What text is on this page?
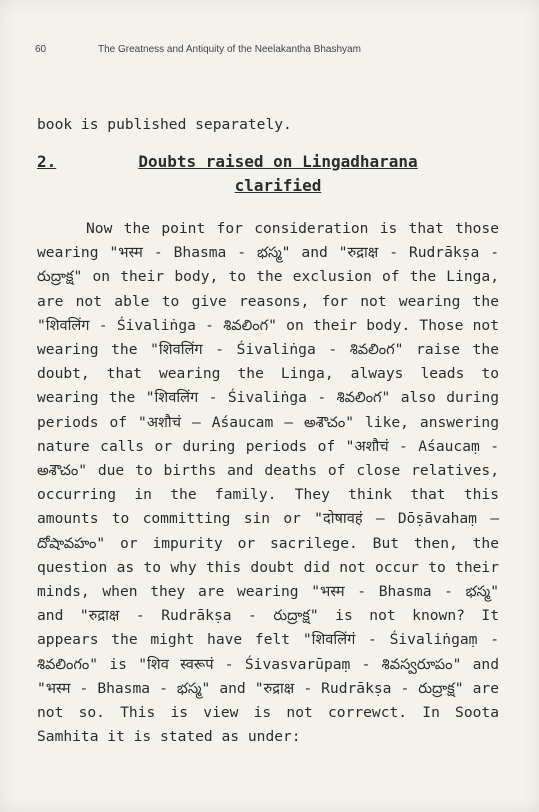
60	The Greatness and Antiquity of the Neelakantha Bhashyam
book is published separately.
2.	Doubts raised on Lingadharana clarified

Now the point for consideration is that those wearing "भस्म - Bhasma - భస్మ" and "रुद्राक्ष - Rudrākṣa - రుద్రాక్ష" on their body, to the exclusion of the Linga, are not able to give reasons, for not wearing the "शिवलिंग - Śivaliṅga - శివలింగ" on their body. Those not wearing the "शिवलिंग - Śivaliṅga - శివలింగ" raise the doubt, that wearing the Linga, always leads to wearing the "शिवलिंग - Śivaliṅga - శివలింగ" also during periods of "अशौचं – Aśaucam – అశౌచం" like, answering nature calls or during periods of "अशौचं - Aśaucaṃ - అశౌచం" due to births and deaths of close relatives, occurring in the family. They think that this amounts to committing sin or "दोषावहं – Dōṣāvahaṃ – దోషావహం" or impurity or sacrilege. But then, the question as to why this doubt did not occur to their minds, when they are wearing "भस्म - Bhasma - భస్మ" and "रुद्राक्ष - Rudrākṣa - రుద్రాక్ష" is not known? It appears the might have felt "शिवलिंगं - Śivaliṅgaṃ - శివలింగం" is "शिव स्वरूपं - Śivasvarūpaṃ - శివస్వరూపం" and "भस्म - Bhasma - భస్మ" and "रुद्राक्ष - Rudrākṣa - రుద్రాక్ష" are not so. This is view is not correwct. In Soota Samhita it is stated as under:
